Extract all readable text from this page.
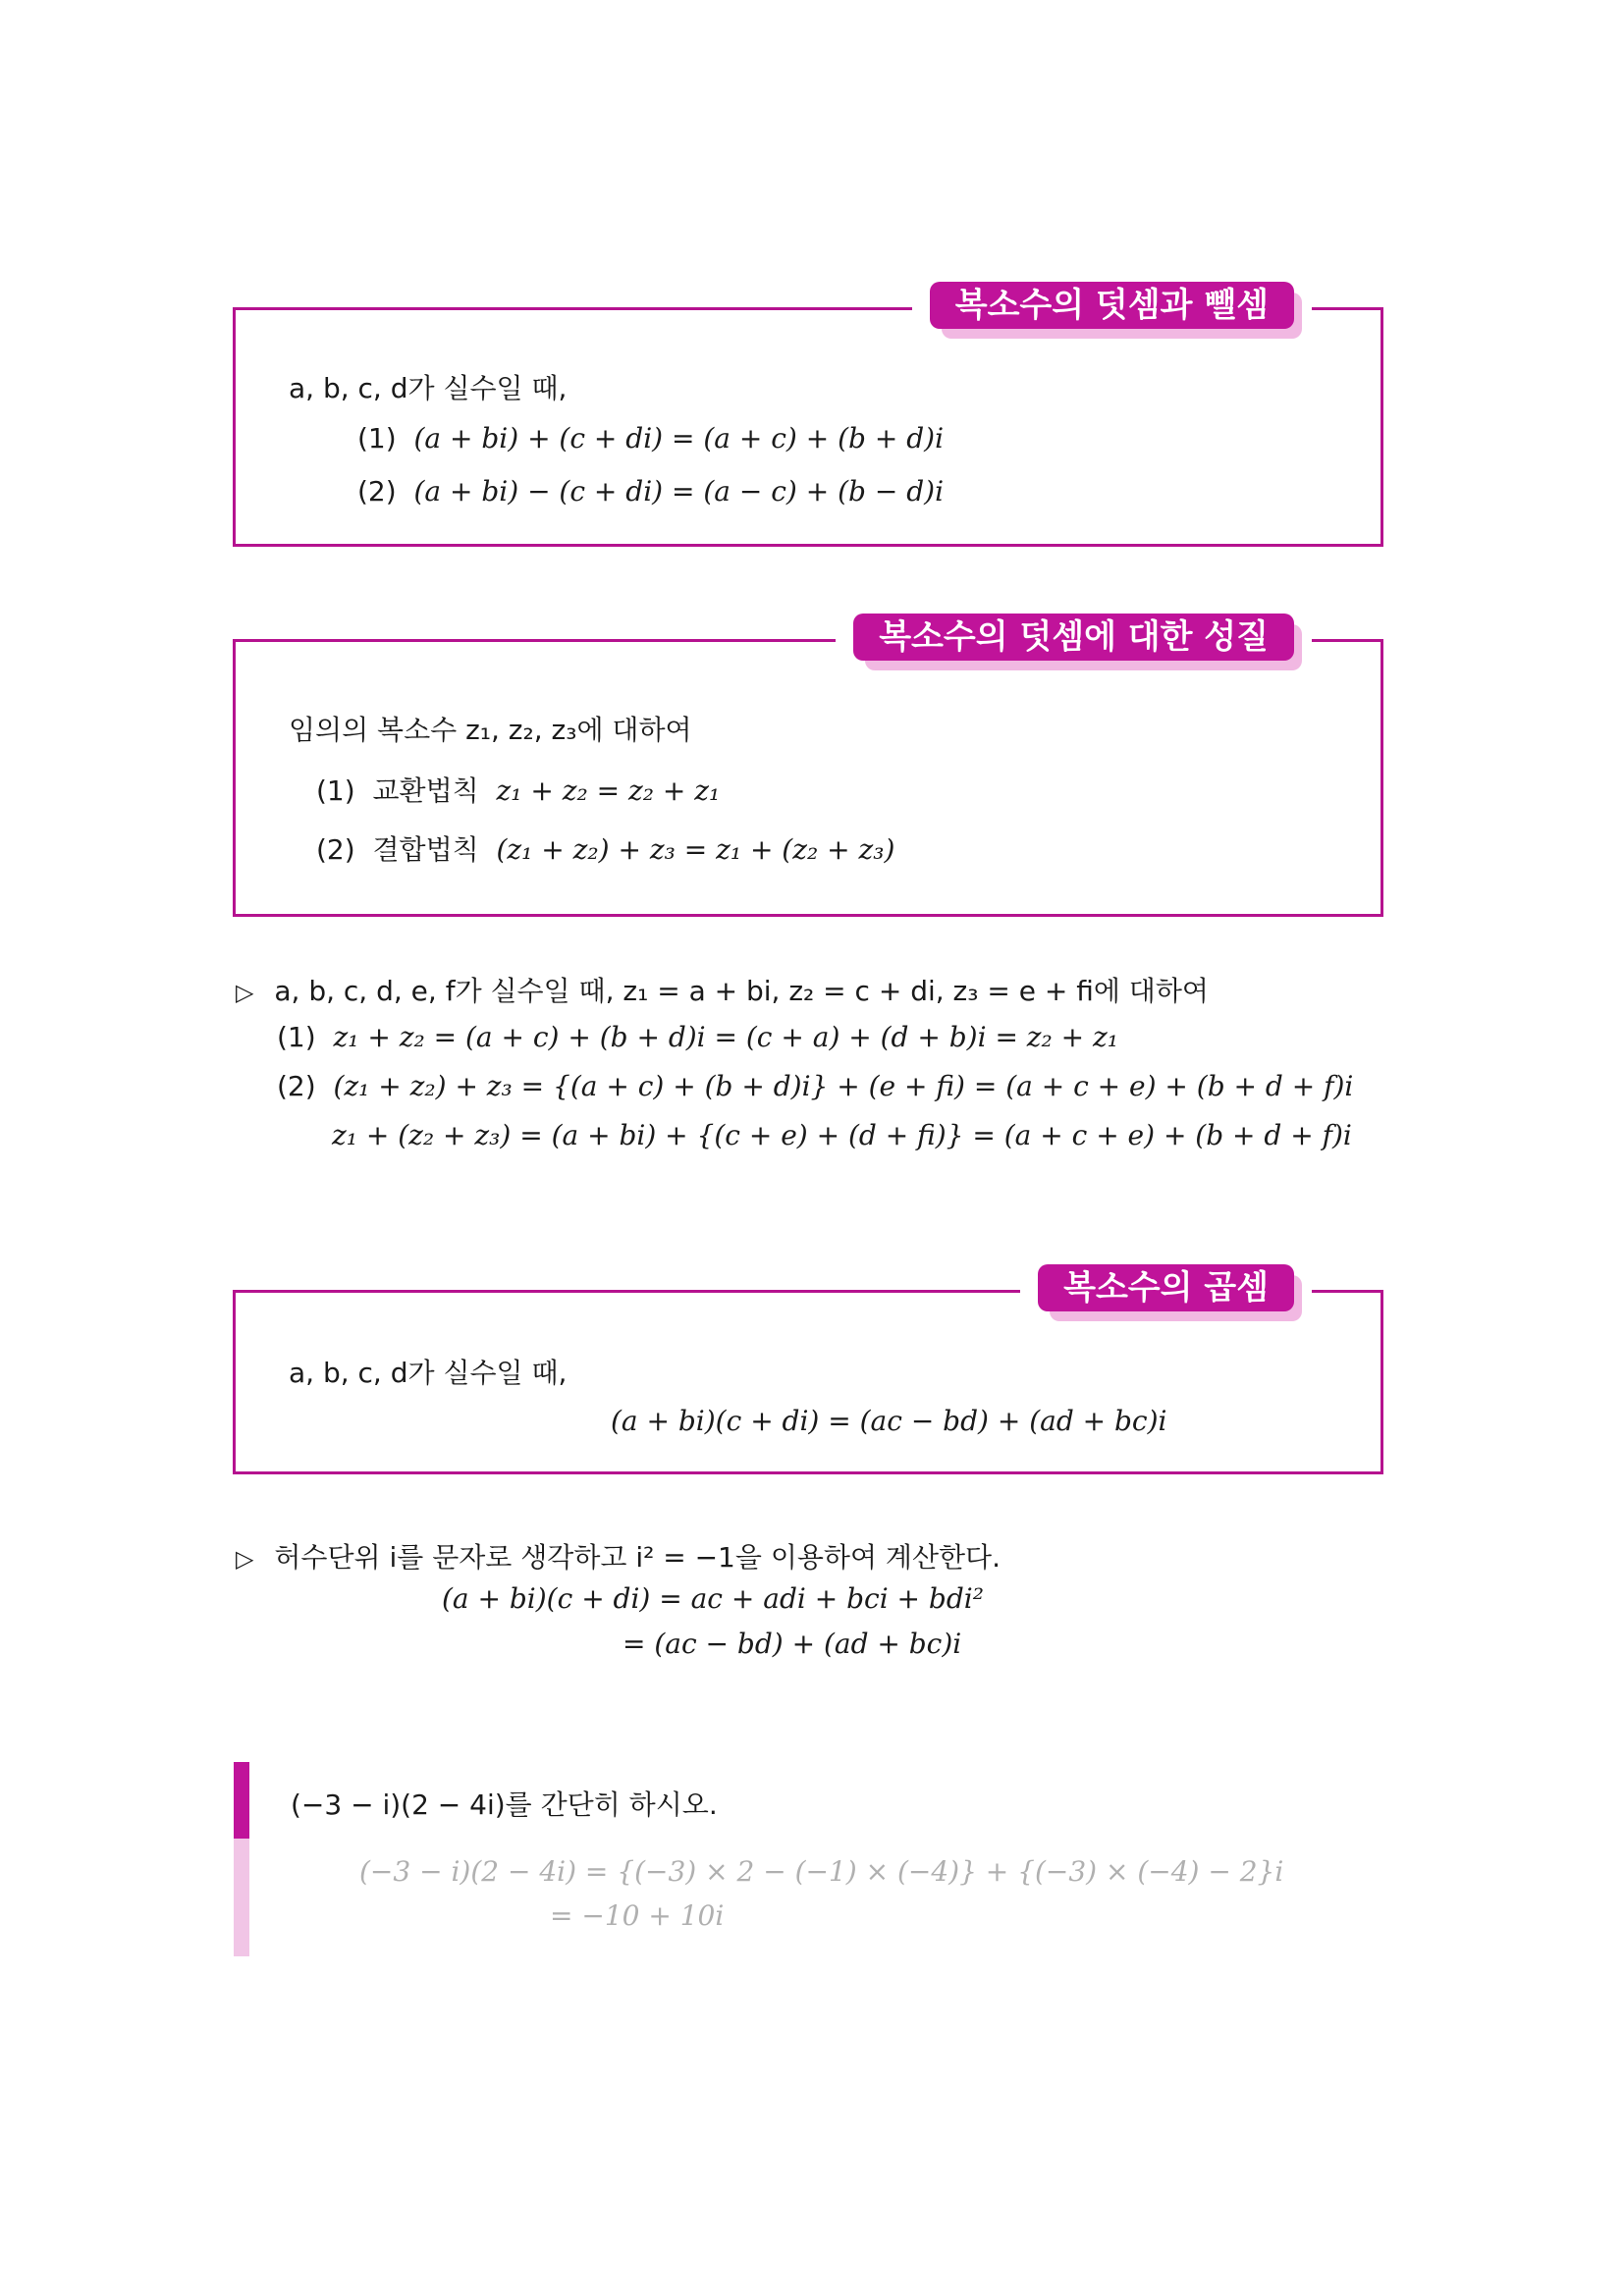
복소수의 덧셈과 뺄셈
a, b, c, d가 실수일 때,
(1) (a + bi) + (c + di) = (a + c) + (b + d)i
(2) (a + bi) − (c + di) = (a − c) + (b − d)i
복소수의 덧셈에 대한 성질
임의의 복소수 z₁, z₂, z₃에 대하여
(1) 교환법칙 z₁ + z₂ = z₂ + z₁
(2) 결합법칙 (z₁ + z₂) + z₃ = z₁ + (z₂ + z₃)
▷ a, b, c, d, e, f가 실수일 때, z₁ = a + bi, z₂ = c + di, z₃ = e + fi에 대하여
(1) z₁ + z₂ = (a + c) + (b + d)i = (c + a) + (d + b)i = z₂ + z₁
(2) (z₁ + z₂) + z₃ = {(a + c) + (b + d)i} + (e + fi) = (a + c + e) + (b + d + f)i
z₁ + (z₂ + z₃) = (a + bi) + {(c + e) + (d + fi)} = (a + c + e) + (b + d + f)i
복소수의 곱셈
a, b, c, d가 실수일 때,
(a + bi)(c + di) = (ac − bd) + (ad + bc)i
▷ 허수단위 i를 문자로 생각하고 i² = −1을 이용하여 계산한다.
(a + bi)(c + di) = ac + adi + bci + bdi²
= (ac − bd) + (ad + bc)i
(−3 − i)(2 − 4i)를 간단히 하시오.
(−3 − i)(2 − 4i) = {(−3) × 2 − (−1) × (−4)} + {(−3) × (−4) − 2}i
= −10 + 10i
